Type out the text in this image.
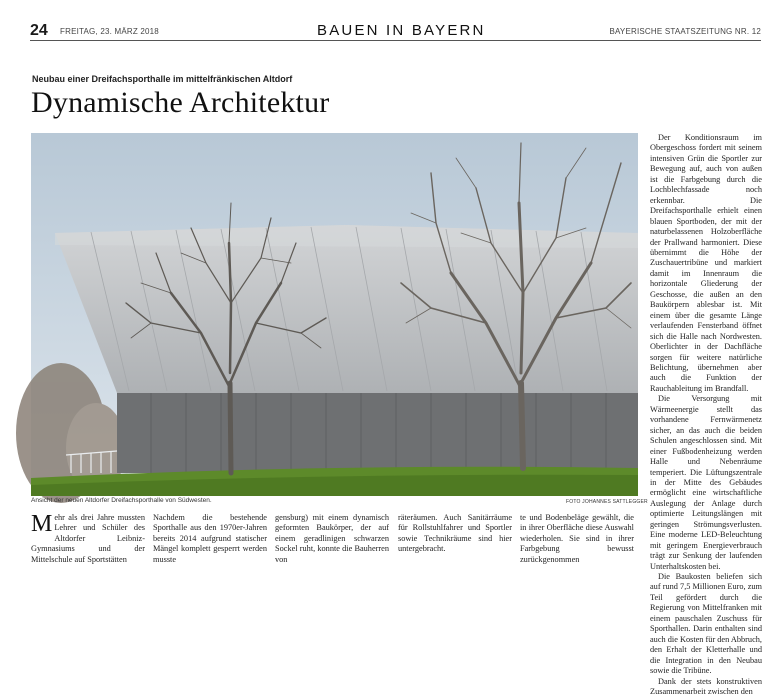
24 FREITAG, 23. MÄRZ 2018	BAUEN IN BAYERN	BAYERISCHE STAATSZEITUNG NR. 12
Neubau einer Dreifachsporthalle im mittelfränkischen Altdorf
Dynamische Architektur
Ansicht der neuen Altdorfer Dreifachsporthalle von Südwesten.	FOTO JOHANNES SATTLEGGER

Der Konditionsraum im Obergeschoss fordert mit seinem intensiven Grün die Sportler zur Bewegung auf, auch von außen ist die Farbgebung durch die Lochblechfassade noch erkennbar. Die Dreifachsporthalle erhielt einen blauen Sportboden, der mit der naturbelassenen Holzoberfläche der Prallwand harmoniert. Diese übernimmt die Höhe der Zuschauertribüne und markiert damit im Innenraum die horizontale Gliederung der Geschosse, die außen an den Baukörpern ablesbar ist. Mit einem über die gesamte Länge verlaufenden Fensterband öffnet sich die Halle nach Nordwesten. Oberlichter in der Dachfläche sorgen für weitere natürliche Belichtung, übernehmen aber auch die Funktion der Rauchableitung im Brandfall.

Die Versorgung mit Wärmeenergie stellt das vorhandene Fernwärmenetz sicher, an das auch die beiden Schulen angeschlossen sind. Mit einer Fußbodenheizung werden Halle und Nebenräume temperiert. Die Lüftungszentrale in der Mitte des Gebäudes ermöglicht eine wirtschaftliche Auslegung der Anlage durch optimierte Leitungslängen mit geringen Strömungsverlusten. Eine moderne LED-Beleuchtung mit geringem Energieverbrauch trägt zur Senkung der laufenden Unterhaltskosten bei.

Die Baukosten beliefen sich auf rund 7,5 Millionen Euro, zum Teil gefördert durch die Regierung von Mittelfranken mit einem pauschalen Zuschuss für Sporthallen. Darin enthalten sind auch die Kosten für den Abbruch, den Erhalt der Kletterhalle und die Integration in den Neubau sowie die Tribüne.

Dank der stets konstruktiven Zusammenarbeit zwischen den

Mehr als drei Jahre mussten Lehrer und Schüler des Altdorfer Leibniz-Gymnasiums und der Mittelschule auf Sportstätten

Nachdem die bestehende Sporthalle aus den 1970er-Jahren bereits 2014 aufgrund statischer Mängel komplett gesperrt werden musste

gensburg) mit einem dynamisch geformten Baukörper, der auf einem geradlinigen schwarzen Sockel ruht, konnte die Bauherren von

räteräumen. Auch Sanitärräume für Rollstuhlfahrer und Sportler sowie Technikräume sind hier untergebracht.

te und Bodenbeläge gewählt, die in ihrer Oberfläche diese Auswahl wiederholen. Sie sind in ihrer Farbgebung bewusst zurückgenommen
